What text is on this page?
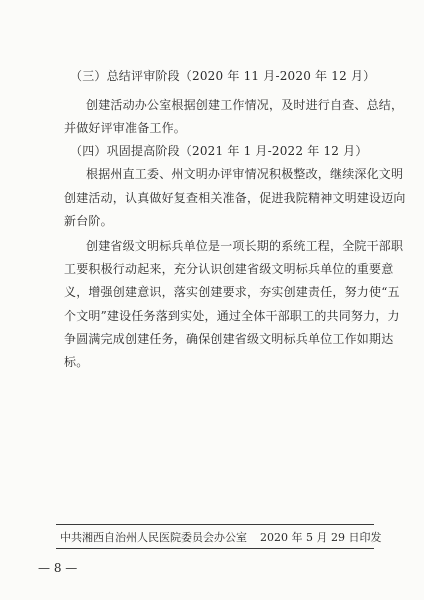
（三）总结评审阶段（2020 年 11 月-2020 年 12 月）
创建活动办公室根据创建工作情况，及时进行自查、总结，
并做好评审准备工作。
（四）巩固提高阶段（2021 年 1 月-2022 年 12 月）
根据州直工委、州文明办评审情况积极整改，继续深化文明
创建活动，认真做好复查相关准备，促进我院精神文明建设迈向
新台阶。
创建省级文明标兵单位是一项长期的系统工程，全院干部职
工要积极行动起来，充分认识创建省级文明标兵单位的重要意
义，增强创建意识，落实创建要求，夯实创建责任，努力使“五
个文明”建设任务落到实处，通过全体干部职工的共同努力，力
争圆满完成创建任务，确保创建省级文明标兵单位工作如期达
标。
中共湘西自治州人民医院委员会办公室 2020 年 5 月 29 日印发
— 8 —
